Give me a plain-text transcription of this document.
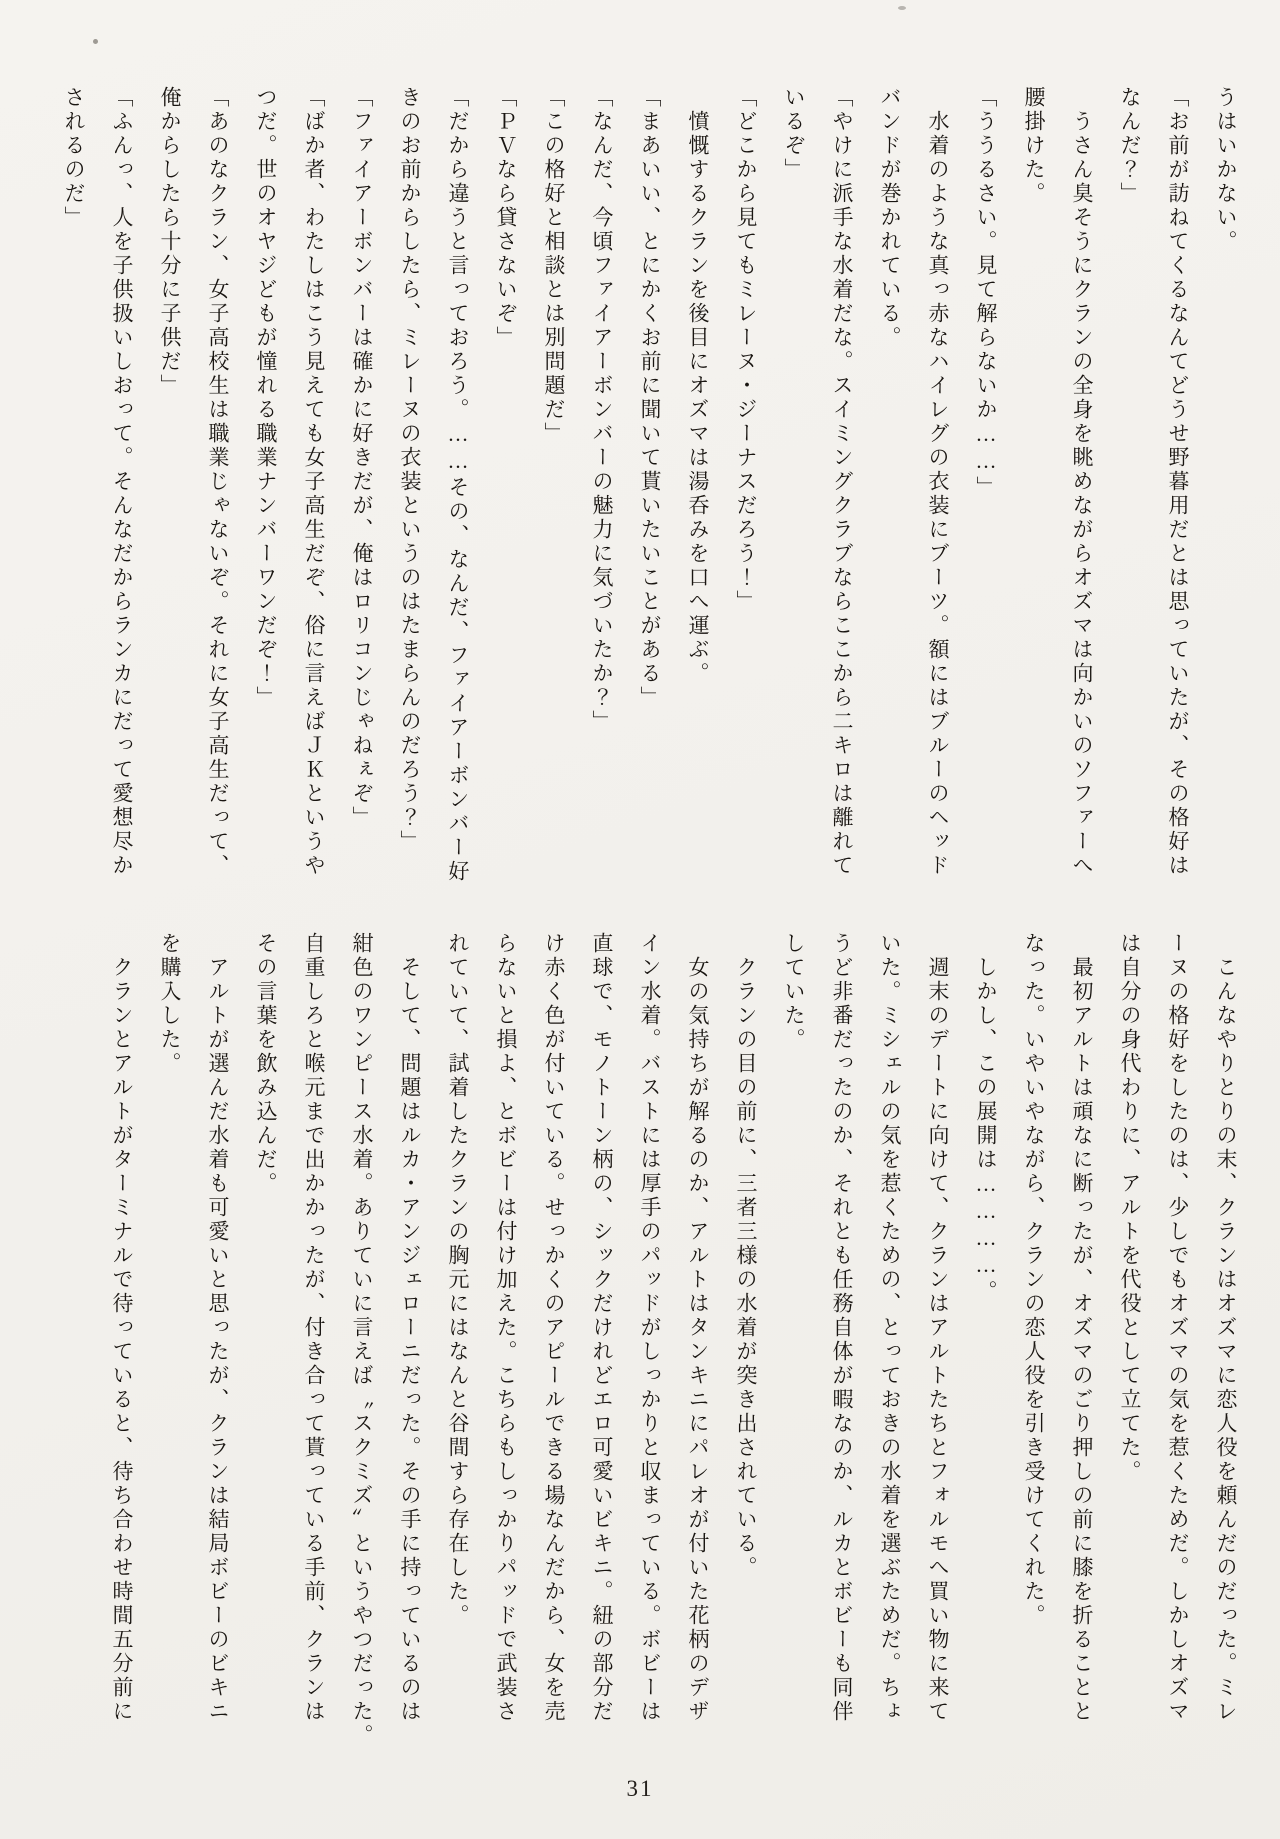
うはいかない。
「お前が訪ねてくるなんてどうせ野暮用だとは思っていたが、その格好は
なんだ？」
　うさん臭そうにクランの全身を眺めながらオズマは向かいのソファーへ
腰掛けた。
「ううるさい。見て解らないか……」
　水着のような真っ赤なハイレグの衣装にブーツ。額にはブルーのヘッド
バンドが巻かれている。
「やけに派手な水着だな。スイミングクラブならここから二キロは離れて
いるぞ」
「どこから見てもミレーヌ・ジーナスだろう！」
　憤慨するクランを後目にオズマは湯呑みを口へ運ぶ。
「まあいい、とにかくお前に聞いて貰いたいことがある」
「なんだ、今頃ファイアーボンバーの魅力に気づいたか？」
「この格好と相談とは別問題だ」
「ＰＶなら貸さないぞ」
「だから違うと言っておろう。……その、なんだ、ファイアーボンバー好
きのお前からしたら、ミレーヌの衣装というのはたまらんのだろう？」
「ファイアーボンバーは確かに好きだが、俺はロリコンじゃねぇぞ」
「ばか者、わたしはこう見えても女子高生だぞ、俗に言えばＪＫというや
つだ。世のオヤジどもが憧れる職業ナンバーワンだぞ！」
「あのなクラン、女子高校生は職業じゃないぞ。それに女子高生だって、
俺からしたら十分に子供だ」
「ふんっ、人を子供扱いしおって。そんなだからランカにだって愛想尽か
されるのだ」
　こんなやりとりの末、クランはオズマに恋人役を頼んだのだった。ミレ
ーヌの格好をしたのは、少しでもオズマの気を惹くためだ。しかしオズマ
は自分の身代わりに、アルトを代役として立てた。
　最初アルトは頑なに断ったが、オズマのごり押しの前に膝を折ることと
なった。いやいやながら、クランの恋人役を引き受けてくれた。
　しかし、この展開は…………。
　週末のデートに向けて、クランはアルトたちとフォルモへ買い物に来て
いた。ミシェルの気を惹くための、とっておきの水着を選ぶためだ。ちょ
うど非番だったのか、それとも任務自体が暇なのか、ルカとボビーも同伴
していた。
　クランの目の前に、三者三様の水着が突き出されている。
　女の気持ちが解るのか、アルトはタンキニにパレオが付いた花柄のデザ
イン水着。バストには厚手のパッドがしっかりと収まっている。ボビーは
直球で、モノトーン柄の、シックだけれどエロ可愛いビキニ。紐の部分だ
け赤く色が付いている。せっかくのアピールできる場なんだから、女を売
らないと損よ、とボビーは付け加えた。こちらもしっかりパッドで武装さ
れていて、試着したクランの胸元にはなんと谷間すら存在した。
　そして、問題はルカ・アンジェローニだった。その手に持っているのは
紺色のワンピース水着。ありていに言えば〝スクミズ〟というやつだった。
自重しろと喉元まで出かかったが、付き合って貰っている手前、クランは
その言葉を飲み込んだ。
　アルトが選んだ水着も可愛いと思ったが、クランは結局ボビーのビキニ
を購入した。
　クランとアルトがターミナルで待っていると、待ち合わせ時間五分前に
31
